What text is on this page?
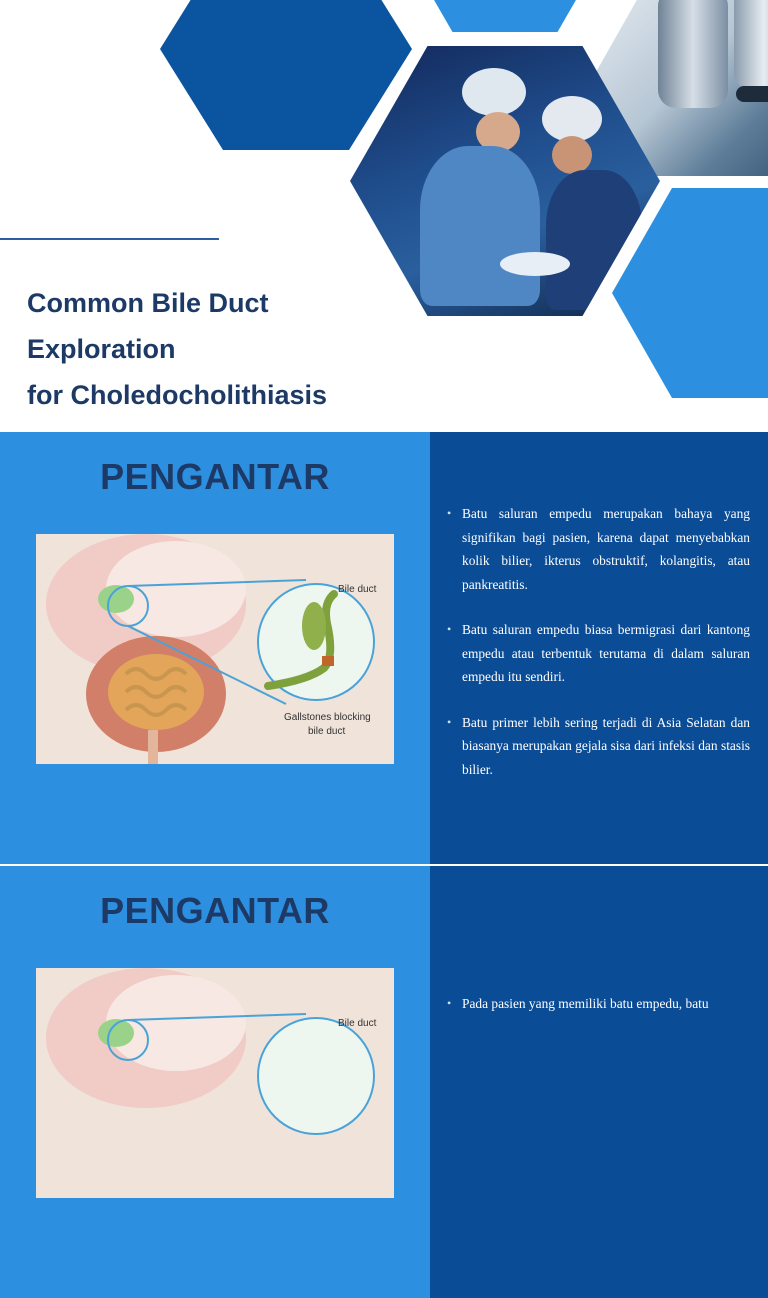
Common Bile Duct
Exploration
for Choledocholithiasis
PENGANTAR
Bile duct
Gallstones blocking
bile duct
• Batu saluran empedu merupakan bahaya yang signifikan bagi pasien, karena dapat menyebabkan kolik bilier, ikterus obstruktif, kolangitis, atau pankreatitis.
• Batu saluran empedu biasa bermigrasi dari kantong empedu atau terbentuk terutama di dalam saluran empedu itu sendiri.
• Batu primer lebih sering terjadi di Asia Selatan dan biasanya merupakan gejala sisa dari infeksi dan stasis bilier.
PENGANTAR
Bile duct
• Pada pasien yang memiliki batu empedu, batu
